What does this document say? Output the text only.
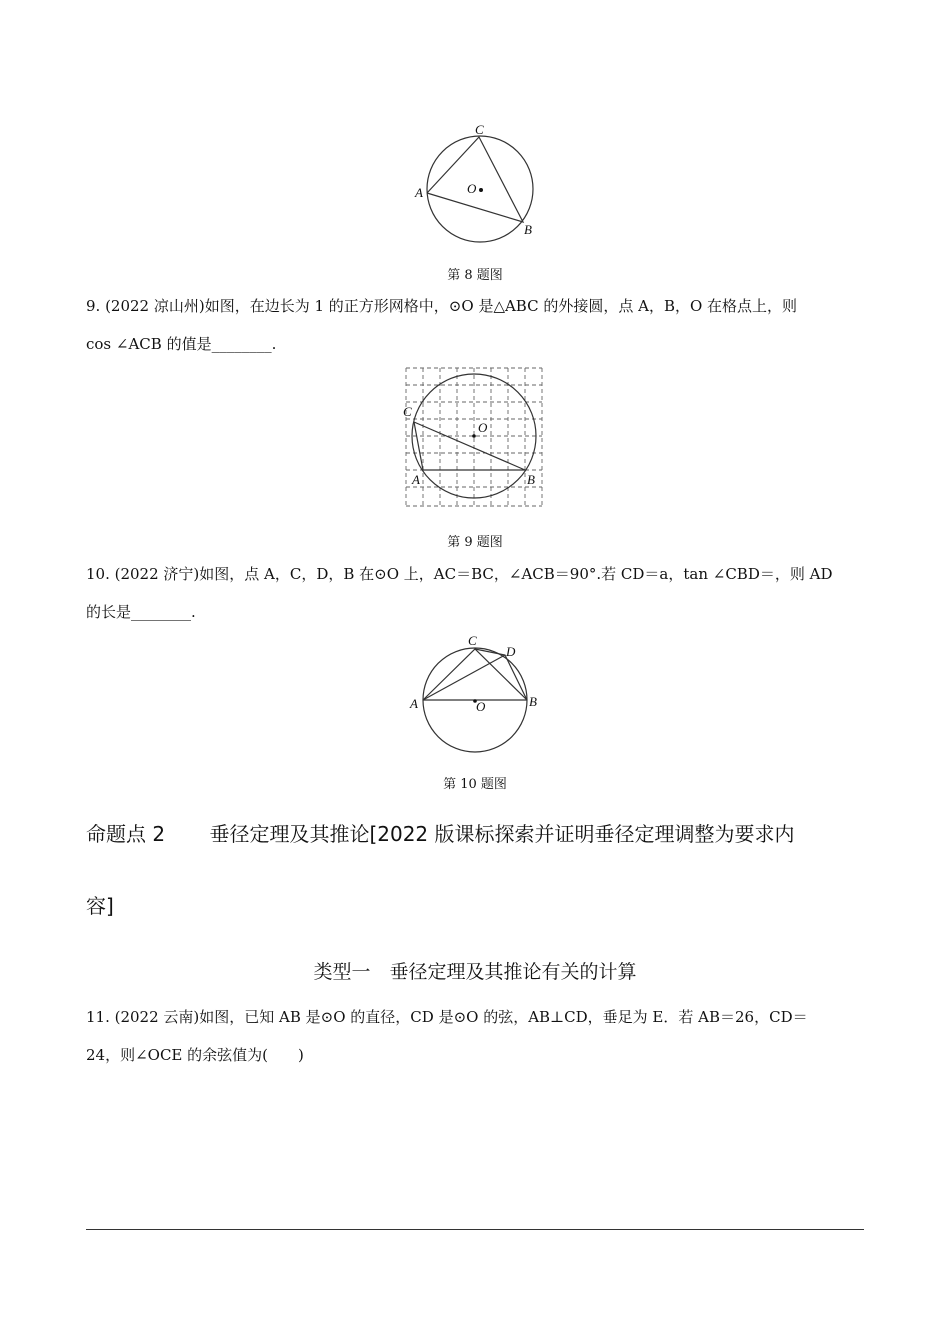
C
A	O
B
第 8 题图
9. (2022 凉山州)如图，在边长为 1 的正方形网格中，⊙O 是△ABC 的外接圆，点 A，B，O 在格点上，则
cos ∠ACB 的值是________.
C
O
A	B
第 9 题图
10. (2022 济宁)如图，点 A，C，D，B 在⊙O 上，AC＝BC，∠ACB＝90°.若 CD＝a，tan ∠CBD＝，则 AD
的长是________.
C
D
A	B
O
第 10 题图
命题点 2 垂径定理及其推论[2022 版课标探索并证明垂径定理调整为要求内
容]
类型一　垂径定理及其推论有关的计算
11. (2022 云南)如图，已知 AB 是⊙O 的直径，CD 是⊙O 的弦，AB⊥CD，垂足为 E．若 AB＝26，CD＝
24，则∠OCE 的余弦值为(　　)
